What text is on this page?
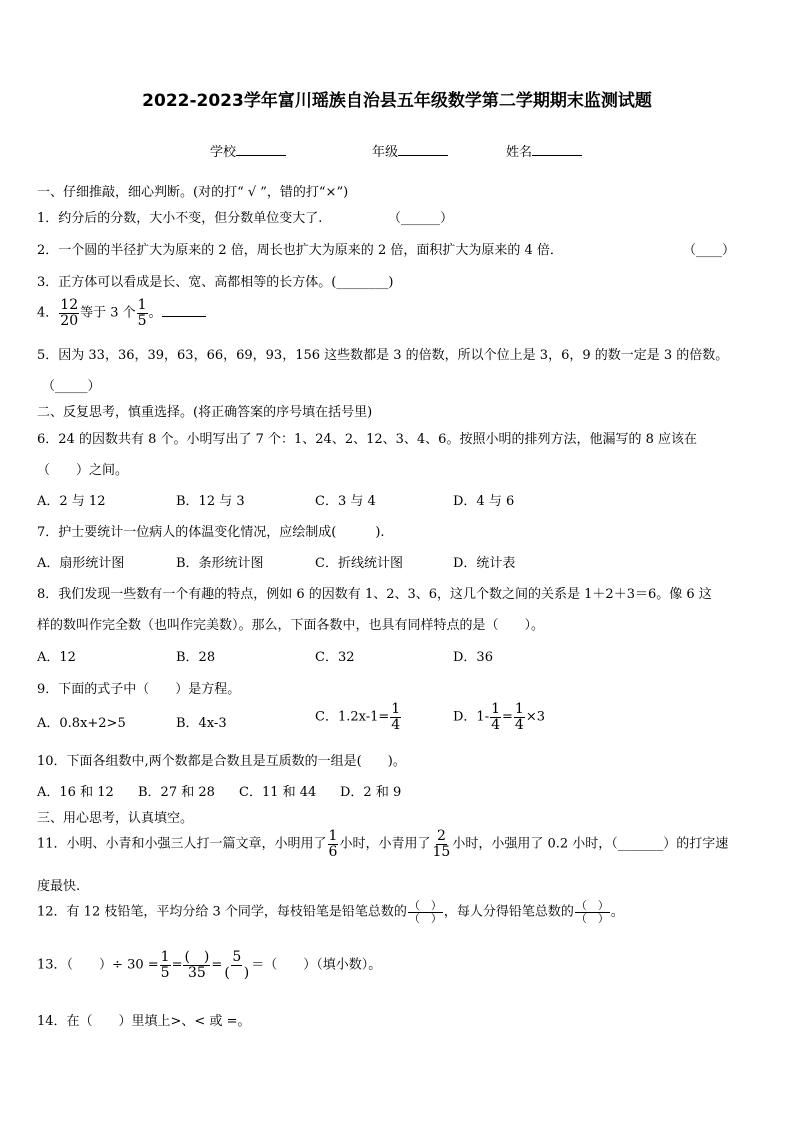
2022-2023学年富川瑶族自治县五年级数学第二学期期末监测试题
学校	年级	姓名
一、仔细推敲，细心判断。(对的打“ √ ”，错的打“×”)
1．约分后的分数，大小不变，但分数单位变大了.	（______）
2．一个圆的半径扩大为原来的 2 倍，周长也扩大为原来的 2 倍，面积扩大为原来的 4 倍．	（____）
3．正方体可以看成是长、宽、高都相等的长方体。(________)
4． $\frac{12}{20}$ 等于 3 个 $\frac{1}{5}$ 。
5．因为 33，36，39，63，66，69，93，156 这些数都是 3 的倍数，所以个位上是 3，6，9 的数一定是 3 的倍数。
（_____）
二、反复思考，慎重选择。(将正确答案的序号填在括号里)
6．24 的因数共有 8 个。小明写出了 7 个：1、24、2、12、3、4、6。按照小明的排列方法，他漏写的 8 应该在
（　　）之间。
A．2 与 12	B．12 与 3	C．3 与 4	D．4 与 6
7．护士要统计一位病人的体温变化情况，应绘制成(　　　).
A．扇形统计图	B．条形统计图	C．折线统计图	D．统计表
8．我们发现一些数有一个有趣的特点，例如 6 的因数有 1、2、3、6，这几个数之间的关系是 1＋2＋3＝6。像 6 这
样的数叫作完全数（也叫作完美数）。那么，下面各数中，也具有同样特点的是（　　）。
A．12	B．28	C．32	D．36
9．下面的式子中（　　）是方程。
A．0.8x+2>5	B．4x-3	C．$1.2x-1= \frac{1}{4}$	D．$1- \frac{1}{4} = \frac{1}{4} \times 3$
10．下面各组数中,两个数都是合数且是互质数的一组是(　　)。
A．16 和 12 B．27 和 28 C．11 和 44 D．2 和 9
三、用心思考，认真填空。
11．小明、小青和小强三人打一篇文章，小明用了 $\frac{1}{6}$ 小时，小青用了 $\frac{2}{15}$ 小时，小强用了 0.2 小时，（_______）的打字速
度最快.
12．有 12 枝铅笔，平均分给 3 个同学，每枝铅笔是铅笔总数的 $\frac{( )}{( )}$ ，每人分得铅笔总数的 $\frac{( )}{( )}$ 。
13．（　　）÷ $30 = \frac{1}{5} = \frac{( )}{35} = \frac{5}{( )}$ ＝（　　）（填小数）。
14．在（　　）里填上>、< 或 =。
